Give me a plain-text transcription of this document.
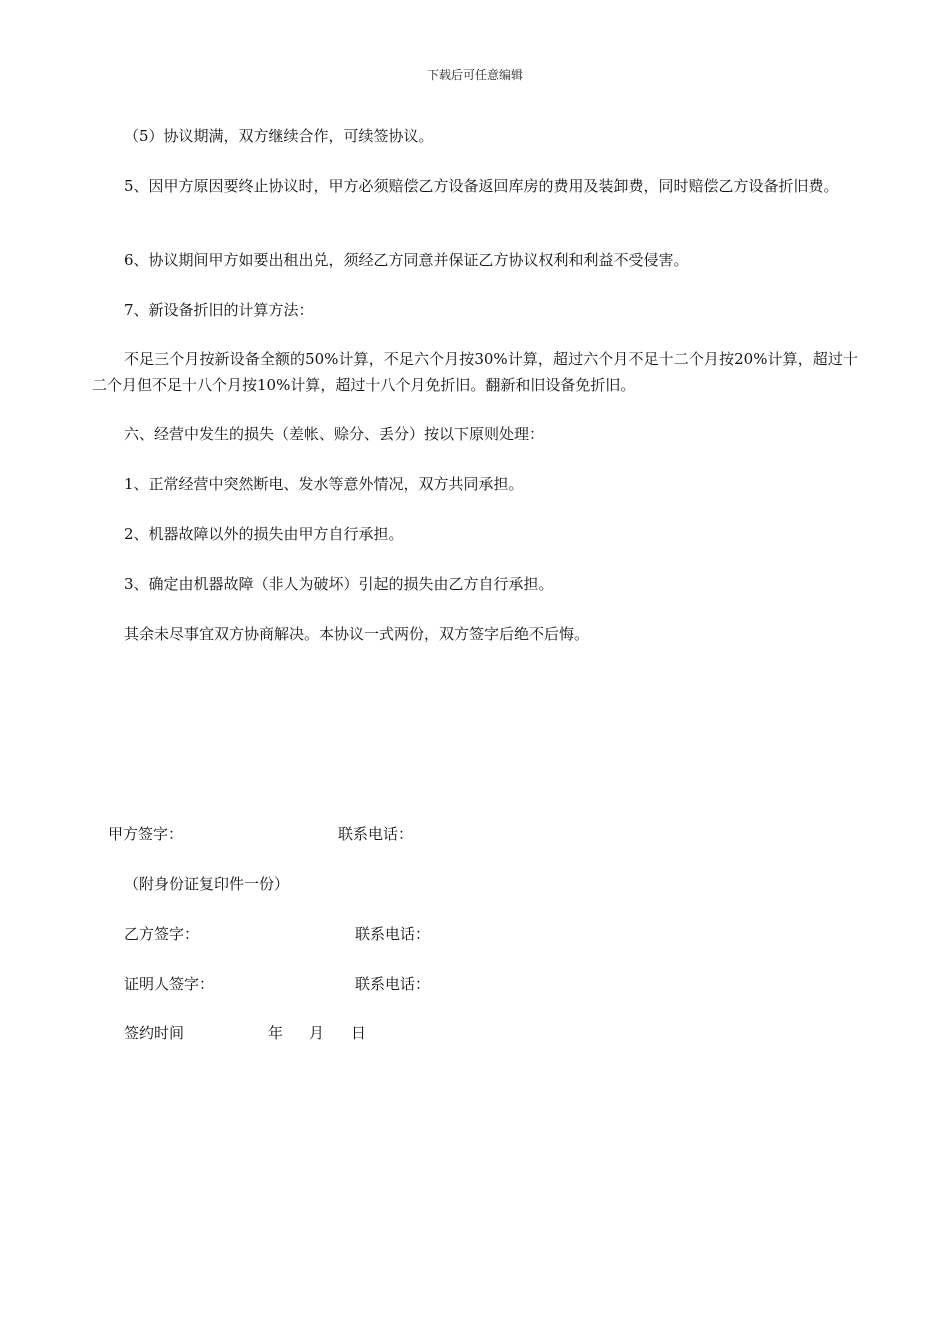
下载后可任意编辑

（5）协议期满，双方继续合作，可续签协议。

5、因甲方原因要终止协议时，甲方必须赔偿乙方设备返回库房的费用及装卸费，同时赔偿乙方设备折旧费。

6、协议期间甲方如要出租出兑，须经乙方同意并保证乙方协议权利和利益不受侵害。

7、新设备折旧的计算方法：

不足三个月按新设备全额的50%计算，不足六个月按30%计算，超过六个月不足十二个月按20%计算，超过十二个月但不足十八个月按10%计算，超过十八个月免折旧。翻新和旧设备免折旧。

六、经营中发生的损失（差帐、赊分、丢分）按以下原则处理：

1、正常经营中突然断电、发水等意外情况，双方共同承担。

2、机器故障以外的损失由甲方自行承担。

3、确定由机器故障（非人为破坏）引起的损失由乙方自行承担。

其余未尽事宜双方协商解决。本协议一式两份，双方签字后绝不后悔。

甲方签字：	联系电话：
（附身份证复印件一份）
乙方签字：	联系电话：
证明人签字：	联系电话：
签约时间	年 月 日
